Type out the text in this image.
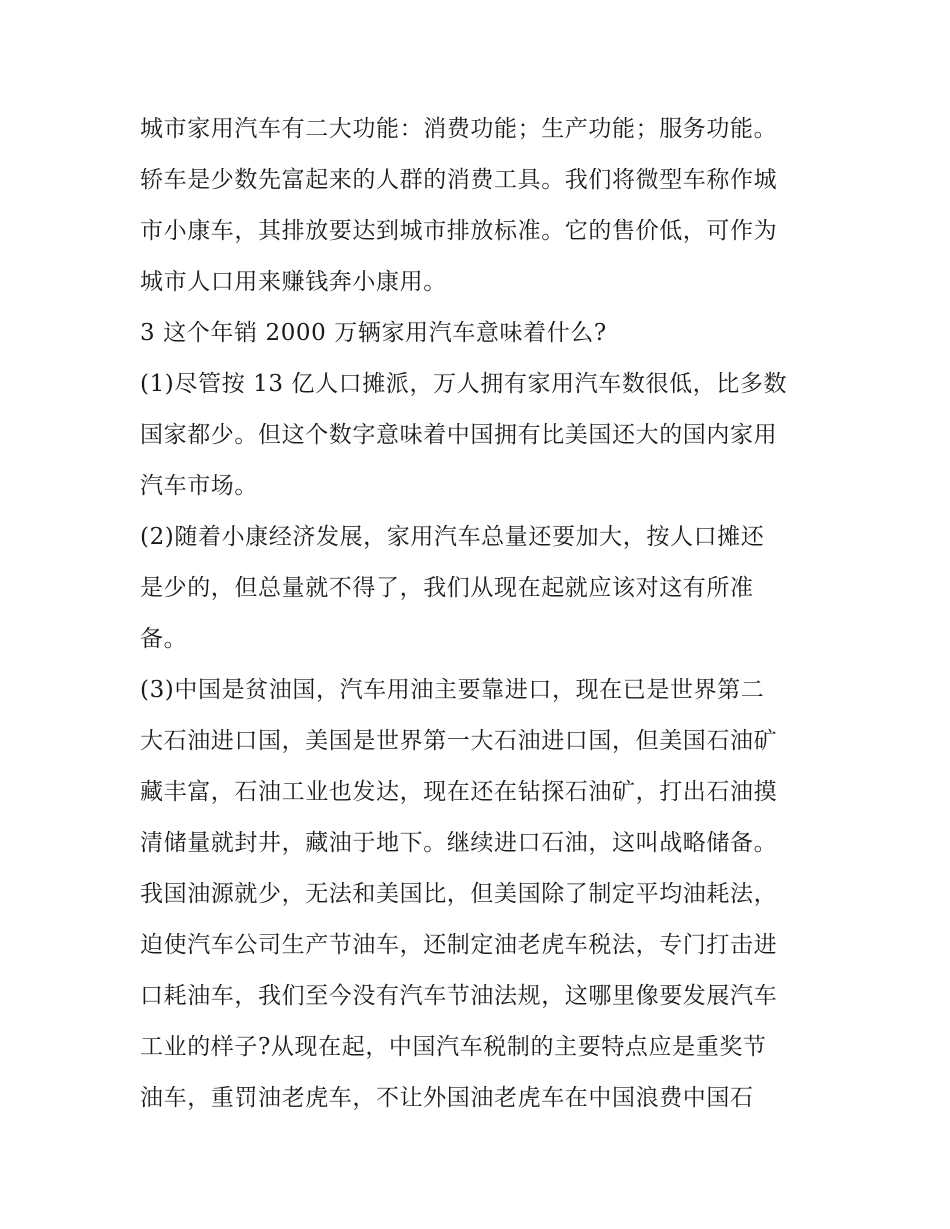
城市家用汽车有二大功能：消费功能；生产功能；服务功能。
轿车是少数先富起来的人群的消费工具。我们将微型车称作城
市小康车，其排放要达到城市排放标准。它的售价低，可作为
城市人口用来赚钱奔小康用。
3 这个年销 2000 万辆家用汽车意味着什么?
(1)尽管按 13 亿人口摊派，万人拥有家用汽车数很低，比多数
国家都少。但这个数字意味着中国拥有比美国还大的国内家用
汽车市场。
(2)随着小康经济发展，家用汽车总量还要加大，按人口摊还
是少的，但总量就不得了，我们从现在起就应该对这有所准
备。
(3)中国是贫油国，汽车用油主要靠进口，现在已是世界第二
大石油进口国，美国是世界第一大石油进口国，但美国石油矿
藏丰富，石油工业也发达，现在还在钻探石油矿，打出石油摸
清储量就封井，藏油于地下。继续进口石油，这叫战略储备。
我国油源就少，无法和美国比，但美国除了制定平均油耗法，
迫使汽车公司生产节油车，还制定油老虎车税法，专门打击进
口耗油车，我们至今没有汽车节油法规，这哪里像要发展汽车
工业的样子?从现在起，中国汽车税制的主要特点应是重奖节
油车，重罚油老虎车，不让外国油老虎车在中国浪费中国石
